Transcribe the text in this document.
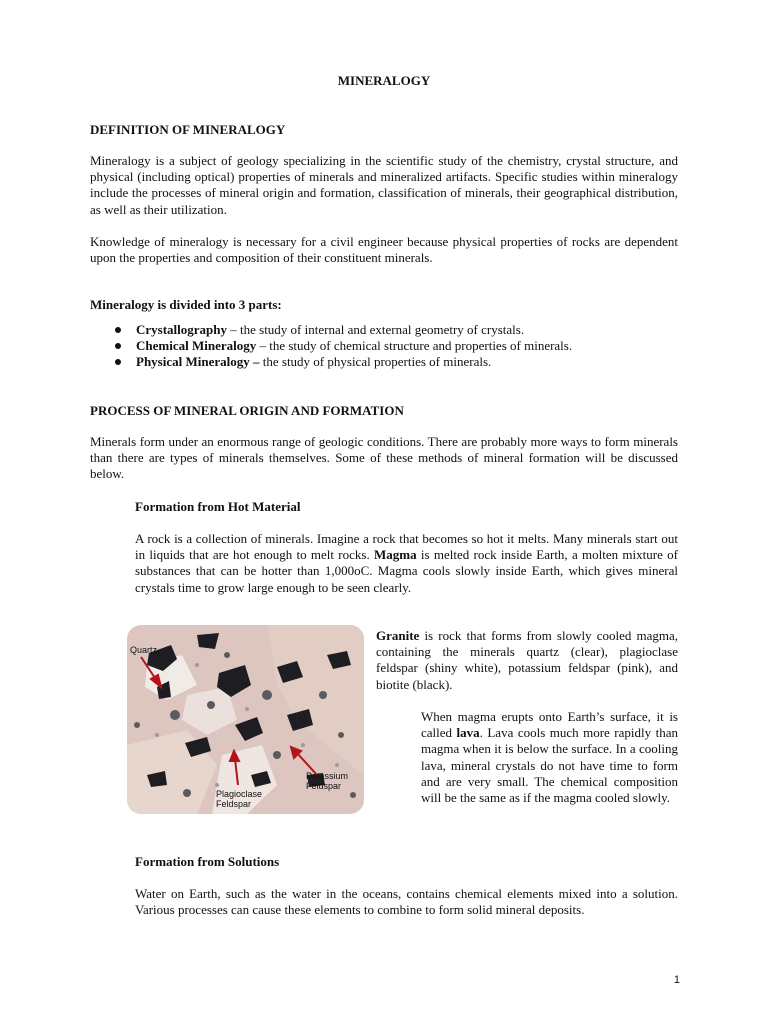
MINERALOGY
DEFINITION OF MINERALOGY

Mineralogy is a subject of geology specializing in the scientific study of the chemistry, crystal structure, and physical (including optical) properties of minerals and mineralized artifacts. Specific studies within mineralogy include the processes of mineral origin and formation, classification of minerals, their geographical distribution, as well as their utilization.

Knowledge of mineralogy is necessary for a civil engineer because physical properties of rocks are dependent upon the properties and composition of their constituent minerals.

Mineralogy is divided into 3 parts:
Crystallography – the study of internal and external geometry of crystals.
Chemical Mineralogy – the study of chemical structure and properties of minerals.
Physical Mineralogy – the study of physical properties of minerals.
PROCESS OF MINERAL ORIGIN AND FORMATION

Minerals form under an enormous range of geologic conditions. There are probably more ways to form minerals than there are types of minerals themselves. Some of these methods of mineral formation will be discussed below.

Formation from Hot Material

A rock is a collection of minerals. Imagine a rock that becomes so hot it melts. Many minerals start out in liquids that are hot enough to melt rocks. Magma is melted rock inside Earth, a molten mixture of substances that can be hotter than 1,000oC. Magma cools slowly inside Earth, which gives mineral crystals time to grow large enough to be seen clearly.

Quartz
Plagioclase
Feldspar
Potassium
Feldspar

Granite is rock that forms from slowly cooled magma, containing the minerals quartz (clear), plagioclase feldspar (shiny white), potassium feldspar (pink), and biotite (black).

When magma erupts onto Earth’s surface, it is called lava. Lava cools much more rapidly than magma when it is below the surface. In a cooling lava, mineral crystals do not have time to form and are very small. The chemical composition will be the same as if the magma cooled slowly.

Formation from Solutions

Water on Earth, such as the water in the oceans, contains chemical elements mixed into a solution. Various processes can cause these elements to combine to form solid mineral deposits.

1
